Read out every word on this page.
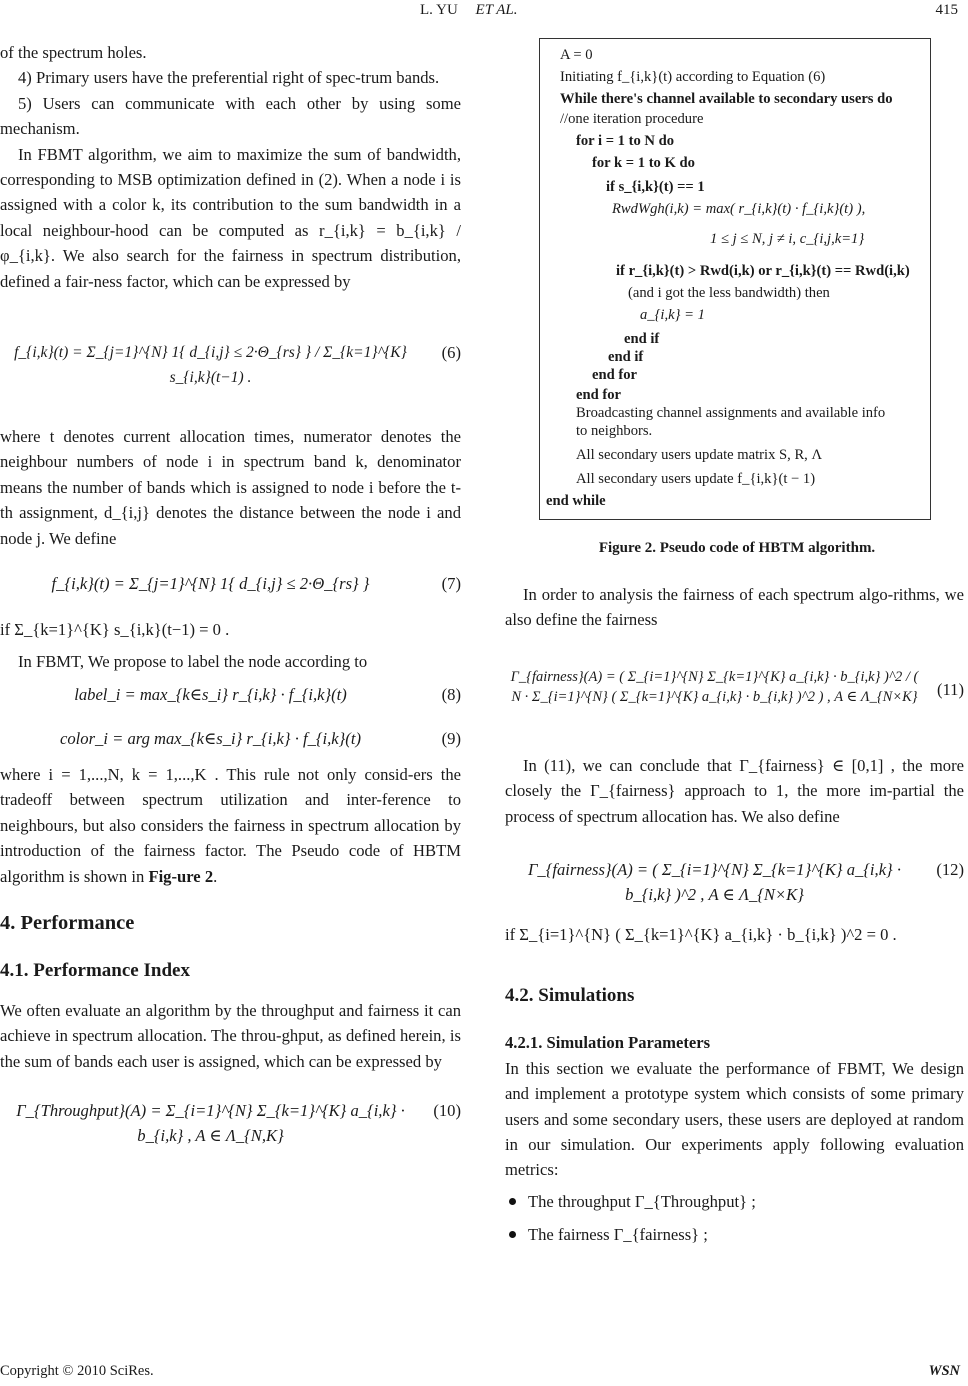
L. YU ET AL.	415

of the spectrum holes.

4) Primary users have the preferential right of spec-trum bands.

5) Users can communicate with each other by using some mechanism.

In FBMT algorithm, we aim to maximize the sum of bandwidth, corresponding to MSB optimization defined in (2). When a node i is assigned with a color k, its contribution to the sum bandwidth in a local neighbour-hood can be computed as r_{i,k} = b_{i,k} / φ_{i,k}. We also search for the fairness in spectrum distribution, defined a fair-ness factor, which can be expressed by

f_{i,k}(t) = Σ_{j=1}^{N} 1{ d_{i,j} ≤ 2·Θ_{rs} } / Σ_{k=1}^{K} s_{i,k}(t−1) .
(6)

where t denotes current allocation times, numerator denotes the neighbour numbers of node i in spectrum band k, denominator means the number of bands which is assigned to node i before the t-th assignment, d_{i,j} denotes the distance between the node i and node j. We define

f_{i,k}(t) = Σ_{j=1}^{N} 1{ d_{i,j} ≤ 2·Θ_{rs} }	(7)

if Σ_{k=1}^{K} s_{i,k}(t−1) = 0 .

In FBMT, We propose to label the node according to

label_i = max_{k∈s_i} r_{i,k} · f_{i,k}(t)	(8)
color_i = arg max_{k∈s_i} r_{i,k} · f_{i,k}(t)	(9)

where i = 1,...,N, k = 1,...,K . This rule not only consid-ers the tradeoff between spectrum utilization and inter-ference to neighbours, but also considers the fairness in spectrum allocation by introduction of the fairness factor. The Pseudo code of HBTM algorithm is shown in Fig-ure 2.

4. Performance
4.1. Performance Index

We often evaluate an algorithm by the throughput and fairness it can achieve in spectrum allocation. The throu-ghput, as defined herein, is the sum of bands each user is assigned, which can be expressed by

Γ_{Throughput}(A) = Σ_{i=1}^{N} Σ_{k=1}^{K} a_{i,k} · b_{i,k} , A ∈ Λ_{N,K}
(10)
A = 0
Initiating f_{i,k}(t) according to Equation (6)
While there's channel available to secondary users do
//one iteration procedure
for i = 1 to N do
for k = 1 to K do
if s_{i,k}(t) == 1
RwdWgh(i,k) = max( r_{i,k}(t) · f_{i,k}(t) ),
1 ≤ j ≤ N, j ≠ i, c_{i,j,k=1}
if r_{i,k}(t) > Rwd(i,k) or r_{i,k}(t) == Rwd(i,k)
(and i got the less bandwidth) then
a_{i,k} = 1
end if
end if
end for
end for
Broadcasting channel assignments and available info
to neighbors.
All secondary users update matrix S, R, Λ
All secondary users update f_{i,k}(t − 1)
end while
Figure 2. Pseudo code of HBTM algorithm.

In order to analysis the fairness of each spectrum algo-rithms, we also define the fairness

Γ_{fairness}(A) = ( Σ_{i=1}^{N} Σ_{k=1}^{K} a_{i,k} · b_{i,k} )^2 / ( N · Σ_{i=1}^{N} ( Σ_{k=1}^{K} a_{i,k} · b_{i,k} )^2 ) , A ∈ Λ_{N×K}	(11)

In (11), we can conclude that Γ_{fairness} ∈ [0,1] , the more closely the Γ_{fairness} approach to 1, the more im-partial the process of spectrum allocation has. We also define

Γ_{fairness}(A) = ( Σ_{i=1}^{N} Σ_{k=1}^{K} a_{i,k} · b_{i,k} )^2 , A ∈ Λ_{N×K}
(12)

if Σ_{i=1}^{N} ( Σ_{k=1}^{K} a_{i,k} · b_{i,k} )^2 = 0 .

4.2. Simulations
4.2.1. Simulation Parameters

In this section we evaluate the performance of FBMT, We design and implement a prototype system which consists of some primary users and some secondary users, these users are deployed at random in our simulation. Our experiments apply following evaluation metrics:

The throughput Γ_{Throughput} ;
The fairness Γ_{fairness} ;
Copyright © 2010 SciRes.	WSN
